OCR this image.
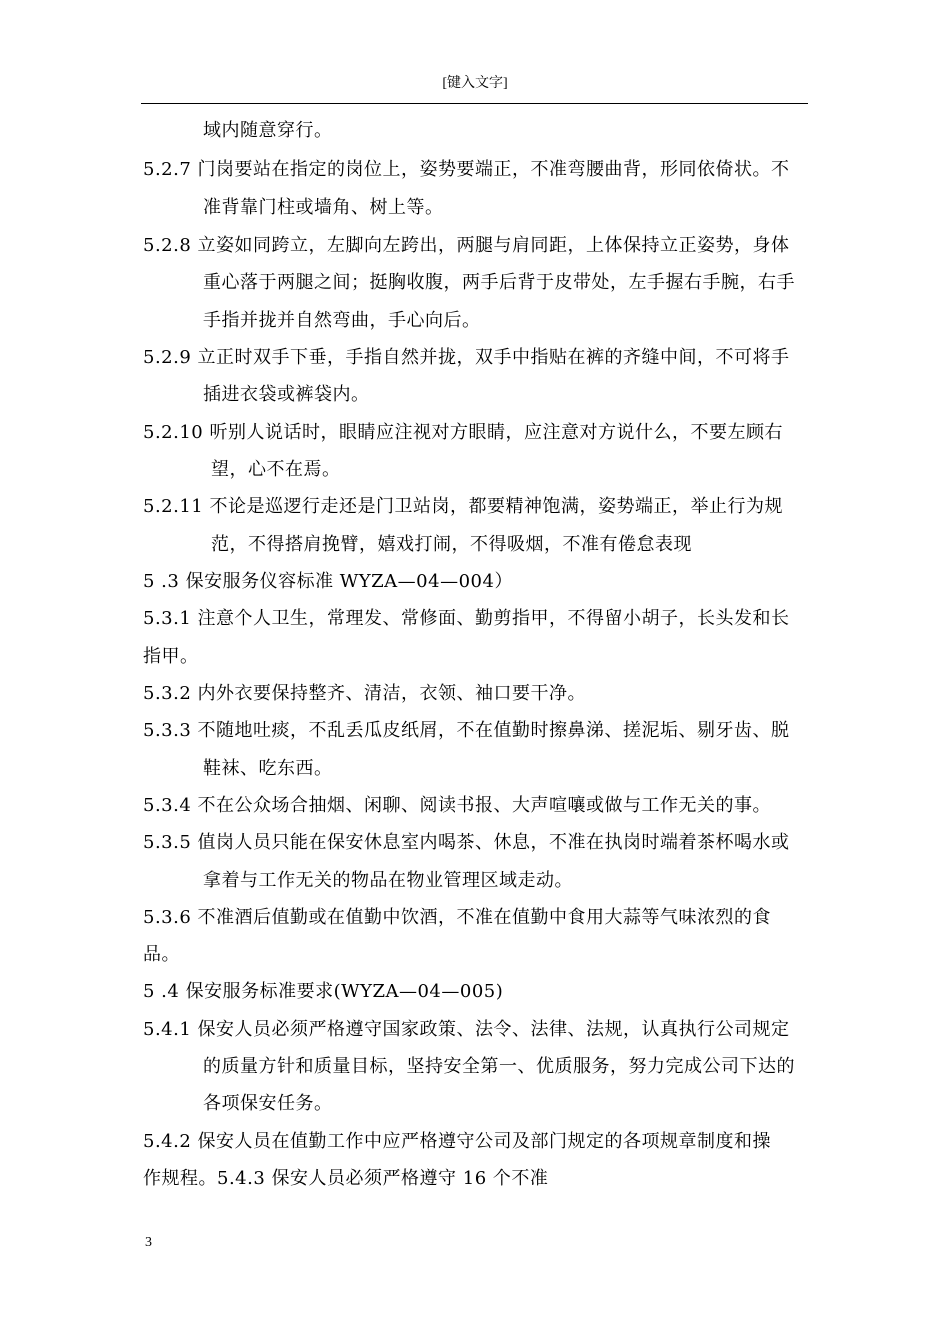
[键入文字]
域内随意穿行。
5.2.7 门岗要站在指定的岗位上，姿势要端正，不准弯腰曲背，形同依倚状。不
准背靠门柱或墙角、树上等。
5.2.8 立姿如同跨立，左脚向左跨出，两腿与肩同距，上体保持立正姿势，身体
重心落于两腿之间；挺胸收腹，两手后背于皮带处，左手握右手腕，右手
手指并拢并自然弯曲，手心向后。
5.2.9 立正时双手下垂，手指自然并拢，双手中指贴在裤的齐缝中间，不可将手
插进衣袋或裤袋内。
5.2.10 听别人说话时，眼睛应注视对方眼睛，应注意对方说什么，不要左顾右
望，心不在焉。
5.2.11 不论是巡逻行走还是门卫站岗，都要精神饱满，姿势端正，举止行为规
范，不得搭肩挽臂，嬉戏打闹，不得吸烟，不准有倦怠表现
5 .3 保安服务仪容标准 WYZA—04—004）
5.3.1 注意个人卫生，常理发、常修面、勤剪指甲，不得留小胡子，长头发和长
指甲。
5.3.2 内外衣要保持整齐、清洁，衣领、袖口要干净。
5.3.3 不随地吐痰，不乱丢瓜皮纸屑，不在值勤时擦鼻涕、搓泥垢、剔牙齿、脱
鞋袜、吃东西。
5.3.4 不在公众场合抽烟、闲聊、阅读书报、大声喧嚷或做与工作无关的事。
5.3.5 值岗人员只能在保安休息室内喝茶、休息，不准在执岗时端着茶杯喝水或
拿着与工作无关的物品在物业管理区域走动。
5.3.6 不准酒后值勤或在值勤中饮酒，不准在值勤中食用大蒜等气味浓烈的食
品。
5 .4 保安服务标准要求(WYZA—04—005)
5.4.1 保安人员必须严格遵守国家政策、法令、法律、法规，认真执行公司规定
的质量方针和质量目标，坚持安全第一、优质服务，努力完成公司下达的
各项保安任务。
5.4.2 保安人员在值勤工作中应严格遵守公司及部门规定的各项规章制度和操
作规程。5.4.3 保安人员必须严格遵守 16 个不准
3
